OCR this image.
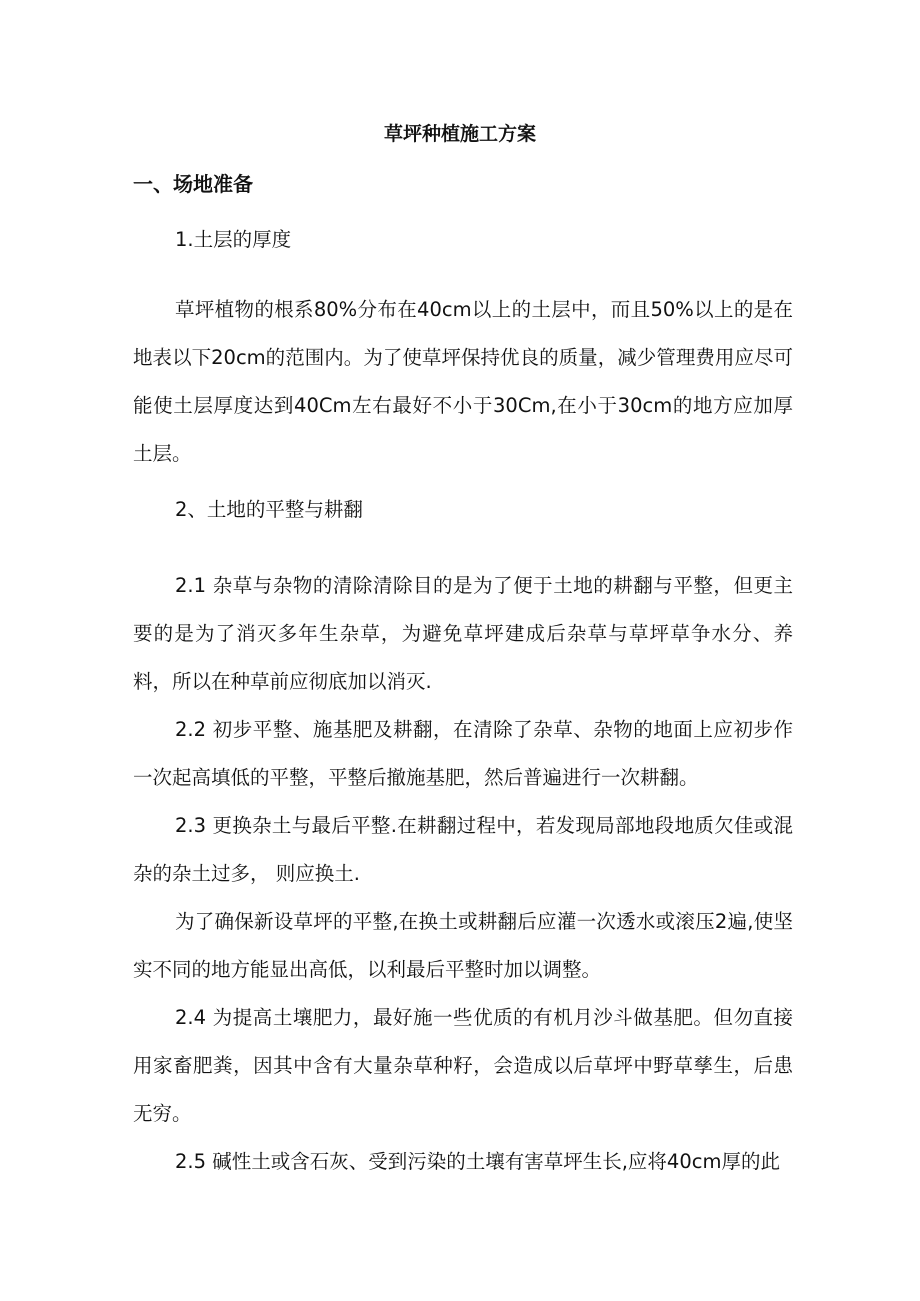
草坪种植施工方案
一、场地准备
1.土层的厚度

草坪植物的根系80%分布在40cm以上的土层中，而且50%以上的是在地表以下20cm的范围内。为了使草坪保持优良的质量，减少管理费用应尽可能使土层厚度达到40Cm左右最好不小于30Cm,在小于30cm的地方应加厚土层。

2、土地的平整与耕翻

2.1 杂草与杂物的清除清除目的是为了便于土地的耕翻与平整，但更主要的是为了消灭多年生杂草，为避免草坪建成后杂草与草坪草争水分、养料，所以在种草前应彻底加以消灭.

2.2 初步平整、施基肥及耕翻，在清除了杂草、杂物的地面上应初步作一次起高填低的平整，平整后撤施基肥，然后普遍进行一次耕翻。

2.3 更换杂土与最后平整.在耕翻过程中，若发现局部地段地质欠佳或混杂的杂土过多， 则应换土.

为了确保新设草坪的平整,在换土或耕翻后应灌一次透水或滚压2遍,使坚实不同的地方能显出高低，以利最后平整时加以调整。

2.4 为提高土壤肥力，最好施一些优质的有机月沙斗做基肥。但勿直接用家畜肥粪，因其中含有大量杂草种籽，会造成以后草坪中野草孳生，后患无穷。

2.5 碱性土或含石灰、受到污染的土壤有害草坪生长,应将40cm厚的此
